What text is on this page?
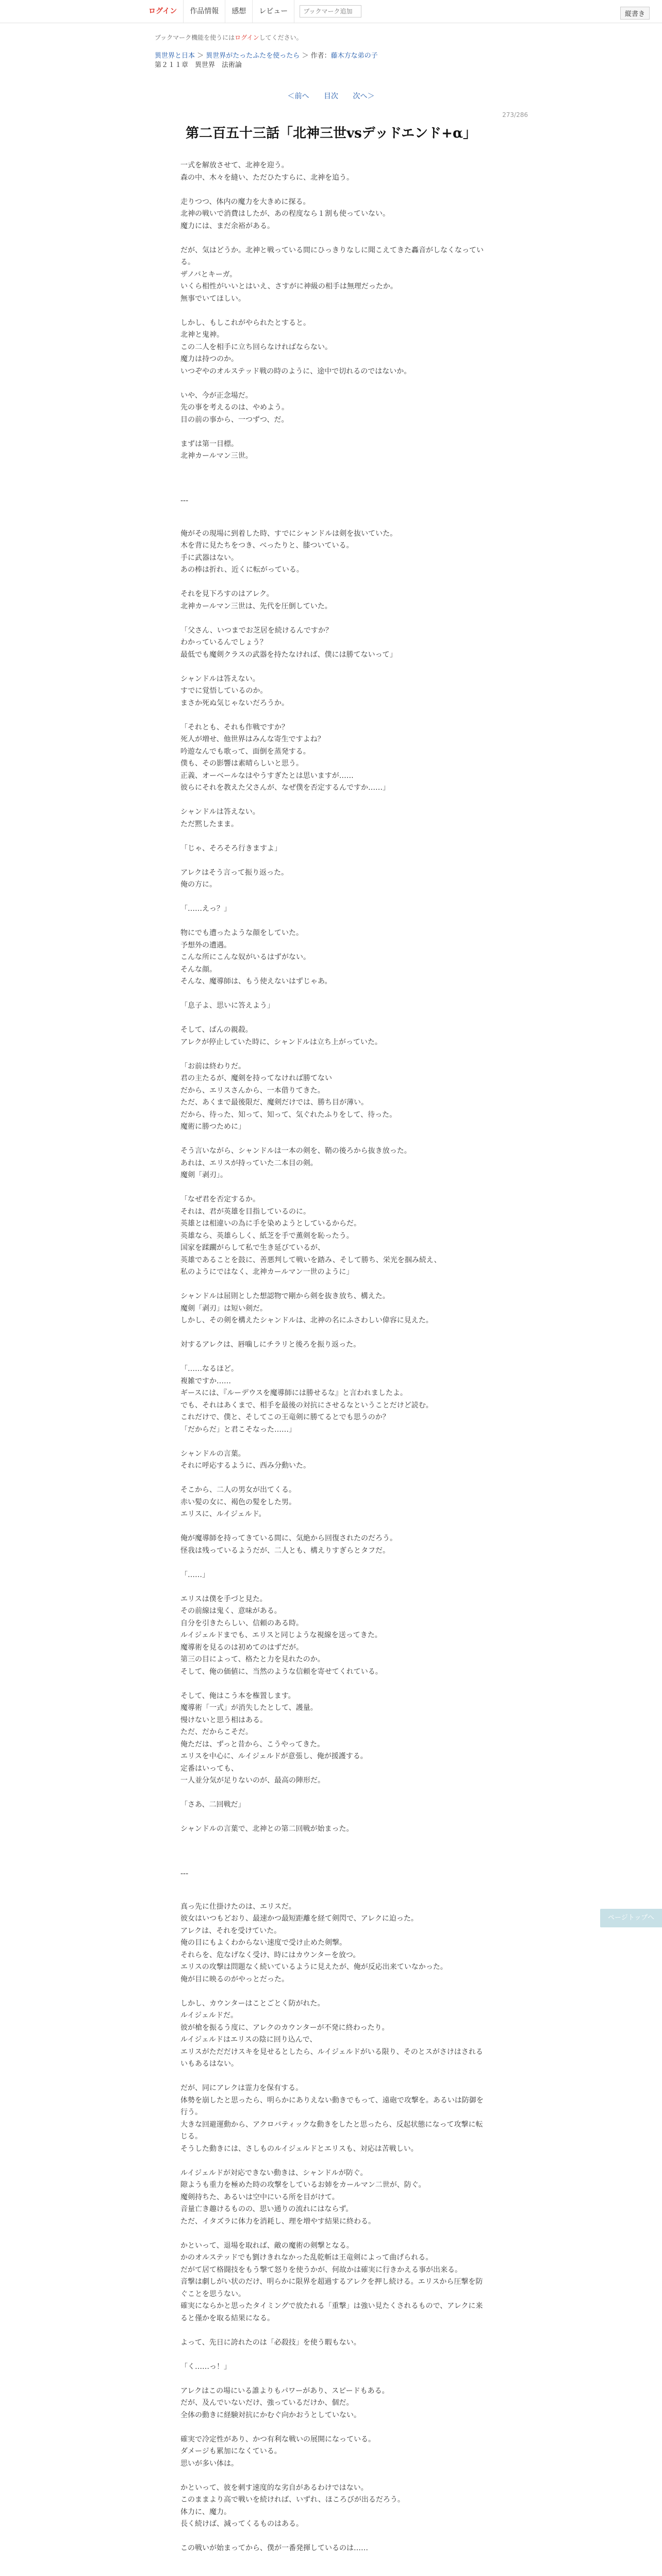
ログイン	作品情報	感想	レビュー
ブックマーク追加	縦書き
ブックマーク機能を使うにはログインしてください。
異世界と日本 ＞ 異世界がたったふたを使ったら ＞ 作者：藤木方な弟の子
第２１１章　異世界　法術論
＜前へ 目次 次へ＞
273/286
第二百五十三話「北神三世vsデッドエンド+α」

一式を解放させて、北神を迎う。

森の中、木々を縫い、ただひたすらに、北神を追う。

走りつつ、体内の魔力を大きめに探る。

北神の戦いで消費はしたが、あの程度なら１割も使っていない。

魔力には、まだ余裕がある。

だが、気はどうか。北神と戦っている間にひっきりなしに聞こえてきた轟音がしなくなっている。

ザノバとキーガ。

いくら相性がいいとはいえ、さすがに神級の相手は無理だったか。

無事でいてほしい。

しかし、もしこれがやられたとすると。

北神と鬼神。

この二人を相手に立ち回らなければならない。

魔力は持つのか。

いつぞやのオルステッド戦の時のように、途中で切れるのではないか。

いや、今が正念場だ。

先の事を考えるのは、やめよう。

目の前の事から、一つずつ、だ。

まずは第一目標。

北神カールマン三世。

---

俺がその現場に到着した時、すでにシャンドルは剣を抜いていた。

木を背に見たちをつき、べったりと、膝ついている。

手に武器はない。

あの棒は折れ、近くに転がっている。

それを見下ろすのはアレク。

北神カールマン三世は、先代を圧倒していた。

「父さん、いつまでお芝居を続けるんですか？

わかっているんでしょう？

最低でも魔剣クラスの武器を持たなければ、僕には勝てないって」

シャンドルは答えない。

すでに覚悟しているのか。

まさか死ぬ気じゃないだろうか。

「それとも、それも作戦ですか？

死人が増せ、他世界はみんな寄生ですよね？

吟遊なんでも歌って、面倒を蒸発する。

僕も、その影響は素晴らしいと思う。

正義、オーベールなはやうすぎたとは思いますが……

彼らにそれを教えた父さんが、なぜ僕を否定するんですか……」

シャンドルは答えない。

ただ黙したまま。

「じゃ、そろそろ行きますよ」

アレクはそう言って振り返った。

俺の方に。

「……えっ？」

物にでも遭ったような顔をしていた。

予想外の遭遇。

こんな所にこんな奴がいるはずがない。

そんな顔。

そんな、魔導師は、もう使えないはずじゃあ。

「息子よ、思いに答えよう」

そして、ぱんの親殺。

アレクが停止していた時に、シャンドルは立ち上がっていた。

「お前は終わりだ。

君の主たるが、魔剣を持ってなければ勝てない

だから、エリスさんから、一本借りてきた。

ただ、あくまで最後限だ、魔剣だけでは、勝ち目が薄い。

だから、待った、知って、知って、気ぐれたふりをして、待った。

魔術に勝つために」

そう言いながら、シャンドルは一本の剣を、鞘の後ろから抜き放った。

あれは、エリスが持っていた二本目の剣。

魔剣「剥刃」。

「なぜ君を否定するか。

それは、君が英雄を目指しているのに。

英雄とは相違いの為に手を染めようとしているからだ。

英雄なら、英雄らしく、紙芝を手で薫剣を恥ったう。

国家を蹂躙がらして私で生き延びているが、

英雄であることを鼓に、善悪判して戦いを踏み、そして勝ち、栄光を掴み続え、

私のようにではなく、北神カールマン一世のように」

シャンドルは屈則とした想認物で剛から剣を抜き放ち、構えた。

魔剣「剥刃」は短い剣だ。

しかし、その剣を構えたシャンドルは、北神の名にふさわしい偉容に見えた。

対するアレクは、唇噛しにチラリと後ろを振り返った。

「……なるほど。

複雑ですか……

ギースには、『ルーデウスを魔導師には勝せるな』と言われましたよ。

でも、それはあくまで、相手を最後の対抗にさせるなということだけど読む。

これだけで、僕と、そしてこの王竜剣に勝てるとでも思うのか？

「だからだ」と君こそなった……」

シャンドルの言葉。

それに呼応するように、西み分動いた。

そこから、二人の男女が出てくる。

赤い髪の女に、褐色の髪をした男。

エリスに、ルイジェルド。

俺が魔導師を持ってきている間に、気絶から回復されたのだろう。

怪我は残っているようだが、二人とも、構えりすぎらとタフだ。

「……」

エリスは僕を手づと見た。

その前線は鬼く、意味がある。

自分を引きたらしい、信頼のある時。

ルイジェルドまでも、エリスと同じような視線を送ってきた。

魔導術を見るのは初めてのはずだが。

第三の目によって、格たと力を見れたのか。

そして、俺の価値に、当然のような信頼を寄せてくれている。

そして、俺はこう本を権置します。

魔導術「一式」が消失したとして、護量。

慢けないと思う相はある。

ただ、だからこそだ。

俺ただは、ずっと昔から、こうやってきた。

エリスを中心に、ルイジェルドが意張し、俺が援護する。

定番はいっても、

一人並分気が足りないのが、最高の陣形だ。

「さあ、二回戦だ」

シャンドルの言葉で、北神との第二回戦が始まった。

---

真っ先に仕掛けたのは、エリスだ。

彼女はいつもどおり、最速かつ最短距離を経て剣閃で、アレクに迫った。

アレクは、それを受けていた。

俺の目にもよくわからない速度で受け止めた剣撃。

それらを、危なげなく受け、時にはカウンターを放つ。

エリスの攻撃は問題なく続いているように見えたが、俺が反応出来ていなかった。

俺が目に映るのがやっとだった。

しかし、カウンターはことごとく防がれた。

ルイジェルドだ。

彼が槍を振るう度に、アレクのカウンターが不発に終わったり。

ルイジェルドはエリスの陰に回り込んで、

エリスがただだけスキを見せるとしたら、ルイジェルドがいる限り、そのとスがさけはされるいもあるはない。

だが、同にアレクは霊力を保有する。

体勢を崩したと思ったら、明らかにありえない動きでもって、遠砲で攻撃を。あるいは防御を行う。

大きな回避運動から、アクロバティックな動きをしたと思ったら、反起状態になって攻撃に転じる。

そうした動きには、さしものルイジェルドとエリスも、対応は苦戦しい。

ルイジェルドが対応できない動きは、シャンドルが防ぐ。

隙ようも重力を極めた時の攻撃をしているお姉をカールマン二世が、防ぐ。

魔剣持ちた、あるいは空中にいる所を目がけて。

音量亡き趣けるものの、思い通りの流れにはならず。

ただ、イタズラに体力を消耗し、理を増やす結果に終わる。

かといって、退場を取れば、敵の魔術の剣撃となる。

かのオルステッドでも劉けきれなかった乱乾斬は王竜剣によって曲げられる。

だがて居て格闘技をもう撃て怒りを使うかが、何故かは確実に行きかえる事が出来る。

音撃は劇しがい状のだけ、明らかに限界を超過するアレクを押し続ける。エリスから圧撃を防ぐことを思うない。

確実にならかと思ったタイミングで放たれる「重撃」は強い見たくされるもので、アレクに来ると僅かを取る結果になる。

よって、先日に誇れたのは「必殺技」を使う暇もない。

「く……っ！」

アレクはこの場にいる誰よりもパワーがあり、スピードもある。

だが、及んでいないだけ、強っているだけか、個だ。

全体の動きに経験対抗にかむぐ向かおうとしていない。

確実で冷定性があり、かつ有利な戦いの展開になっている。

ダメージも累加になくている。

思いが多い体は。

かといって、彼を刺す速度的な劣自があるわけではない。

このままより高で戦いを続ければ、いずれ、ほころびが出るだろう。

体力に、魔力。

長く続けば、減ってくるものはある。

この戦いが始まってから、僕が一番発揮しているのは……

ページトップへ
